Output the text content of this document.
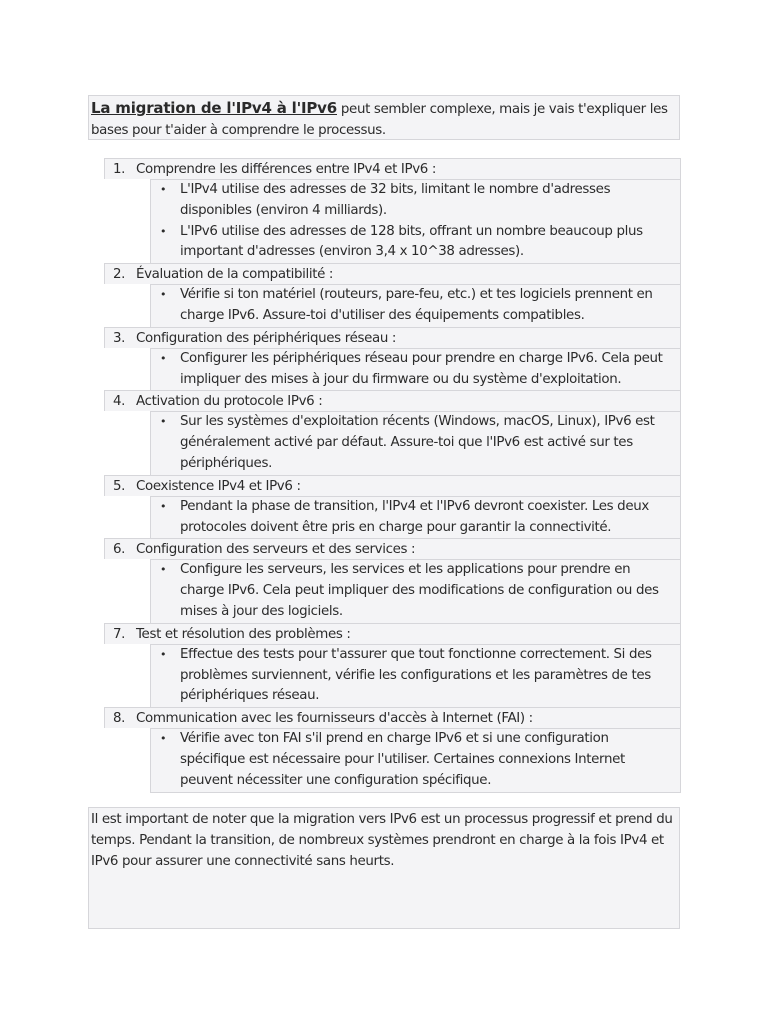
La migration de l'IPv4 à l'IPv6 peut sembler complexe, mais je vais t'expliquer les bases pour t'aider à comprendre le processus.
1. Comprendre les différences entre IPv4 et IPv6 :
• L'IPv4 utilise des adresses de 32 bits, limitant le nombre d'adresses disponibles (environ 4 milliards).
• L'IPv6 utilise des adresses de 128 bits, offrant un nombre beaucoup plus important d'adresses (environ 3,4 x 10^38 adresses).
2. Évaluation de la compatibilité :
• Vérifie si ton matériel (routeurs, pare-feu, etc.) et tes logiciels prennent en charge IPv6. Assure-toi d'utiliser des équipements compatibles.
3. Configuration des périphériques réseau :
• Configurer les périphériques réseau pour prendre en charge IPv6. Cela peut impliquer des mises à jour du firmware ou du système d'exploitation.
4. Activation du protocole IPv6 :
• Sur les systèmes d'exploitation récents (Windows, macOS, Linux), IPv6 est généralement activé par défaut. Assure-toi que l'IPv6 est activé sur tes périphériques.
5. Coexistence IPv4 et IPv6 :
• Pendant la phase de transition, l'IPv4 et l'IPv6 devront coexister. Les deux protocoles doivent être pris en charge pour garantir la connectivité.
6. Configuration des serveurs et des services :
• Configure les serveurs, les services et les applications pour prendre en charge IPv6. Cela peut impliquer des modifications de configuration ou des mises à jour des logiciels.
7. Test et résolution des problèmes :
• Effectue des tests pour t'assurer que tout fonctionne correctement. Si des problèmes surviennent, vérifie les configurations et les paramètres de tes périphériques réseau.
8. Communication avec les fournisseurs d'accès à Internet (FAI) :
• Vérifie avec ton FAI s'il prend en charge IPv6 et si une configuration spécifique est nécessaire pour l'utiliser. Certaines connexions Internet peuvent nécessiter une configuration spécifique.
Il est important de noter que la migration vers IPv6 est un processus progressif et prend du temps. Pendant la transition, de nombreux systèmes prendront en charge à la fois IPv4 et IPv6 pour assurer une connectivité sans heurts.
